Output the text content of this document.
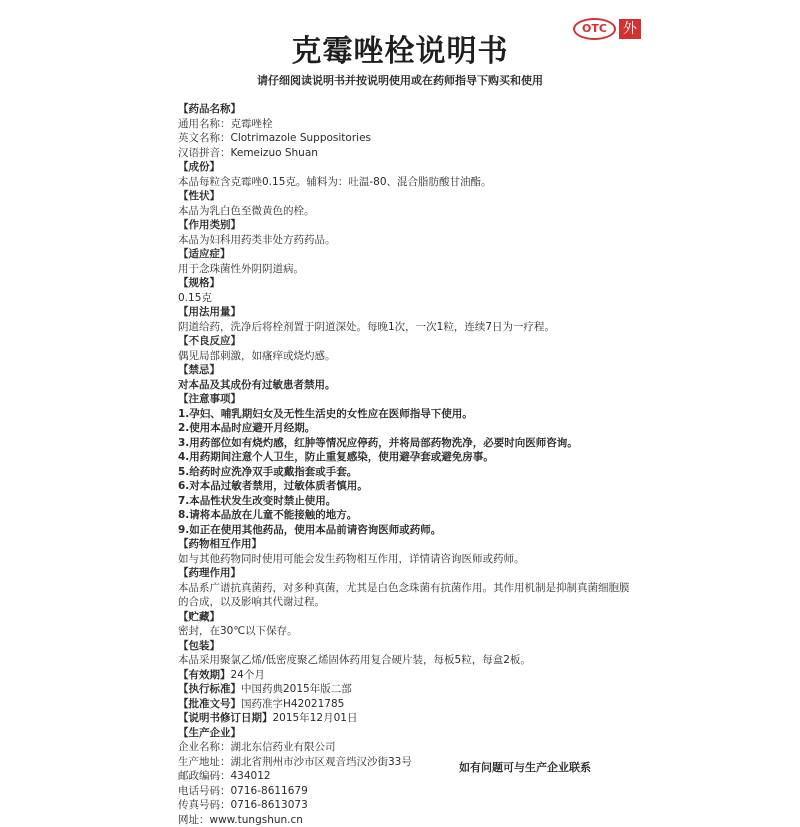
克霉唑栓说明书
OTC	外
请仔细阅读说明书并按说明使用或在药师指导下购买和使用
【药品名称】
通用名称：克霉唑栓
英文名称：Clotrimazole Suppositories
汉语拼音：Kemeizuo Shuan
【成份】
本品每粒含克霉唑0.15克。辅料为：吐温-80、混合脂肪酸甘油酯。
【性状】
本品为乳白色至微黄色的栓。
【作用类别】
本品为妇科用药类非处方药药品。
【适应症】
用于念珠菌性外阴阴道病。
【规格】
0.15克
【用法用量】
阴道给药，洗净后将栓剂置于阴道深处。每晚1次，一次1粒，连续7日为一疗程。
【不良反应】
偶见局部刺激，如瘙痒或烧灼感。
【禁忌】
对本品及其成份有过敏患者禁用。
【注意事项】
1.孕妇、哺乳期妇女及无性生活史的女性应在医师指导下使用。
2.使用本品时应避开月经期。
3.用药部位如有烧灼感，红肿等情况应停药，并将局部药物洗净，必要时向医师咨询。
4.用药期间注意个人卫生，防止重复感染，使用避孕套或避免房事。
5.给药时应洗净双手或戴指套或手套。
6.对本品过敏者禁用，过敏体质者慎用。
7.本品性状发生改变时禁止使用。
8.请将本品放在儿童不能接触的地方。
9.如正在使用其他药品，使用本品前请咨询医师或药师。
【药物相互作用】
如与其他药物同时使用可能会发生药物相互作用，详情请咨询医师或药师。
【药理作用】
本品系广谱抗真菌药，对多种真菌，尤其是白色念珠菌有抗菌作用。其作用机制是抑制真菌细胞膜的合成，以及影响其代谢过程。
【贮藏】
密封，在30℃以下保存。
【包装】
本品采用聚氯乙烯/低密度聚乙烯固体药用复合硬片装，每板5粒，每盒2板。
【有效期】24个月
【执行标准】中国药典2015年版二部
【批准文号】国药准字H42021785
【说明书修订日期】2015年12月01日
【生产企业】
企业名称：湖北东信药业有限公司
生产地址：湖北省荆州市沙市区观音垱汉沙街33号
邮政编码：434012
电话号码：0716-8611679
传真号码：0716-8613073
网址：www.tungshun.cn
如有问题可与生产企业联系
